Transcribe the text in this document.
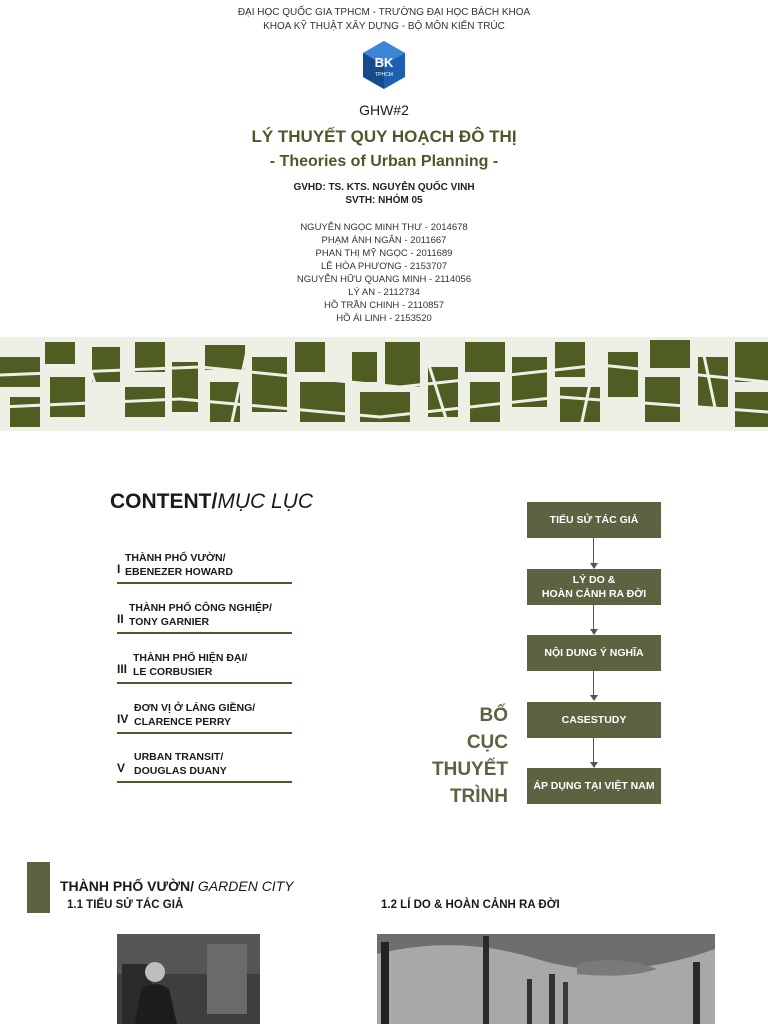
ĐẠI HỌC QUỐC GIA TPHCM - TRƯỜNG ĐẠI HỌC BÁCH KHOA
KHOA KỸ THUẬT XÂY DỰNG - BỘ MÔN KIẾN TRÚC
BK
TPHCM
GHW#2
LÝ THUYẾT QUY HOẠCH ĐÔ THỊ
- Theories of Urban Planning -
GVHD: TS. KTS. NGUYỄN QUỐC VINH
SVTH: NHÓM 05
NGUYỄN NGỌC MINH THƯ - 2014678
PHẠM ÁNH NGÂN - 2011667
PHAN THỊ MỸ NGỌC - 2011689
LÊ HÒA PHƯƠNG - 2153707
NGUYỄN HỮU QUANG MINH - 2114056
LÝ AN - 2112734
HỒ TRẦN CHINH - 2110857
HỒ ÁI LINH - 2153520
CONTENT/MỤC LỤC
I
THÀNH PHỐ VƯỜN/
EBENEZER HOWARD
II
THÀNH PHỐ CÔNG NGHIỆP/
TONY GARNIER
III
THÀNH PHỐ HIỆN ĐẠI/
LE CORBUSIER
IV
ĐƠN VỊ Ở LÁNG GIỀNG/
CLARENCE PERRY
V
URBAN TRANSIT/
DOUGLAS DUANY
BỐ
CỤC
THUYẾT
TRÌNH
TIỂU SỬ TÁC GIẢ
LÝ DO &
HOÀN CẢNH RA ĐỜI
NỘI DUNG Ý NGHĨA
CASESTUDY
ÁP DỤNG TẠI VIỆT NAM
THÀNH PHỐ VƯỜN/ GARDEN CITY
1.1 TIỂU SỬ TÁC GIẢ	1.2 LÍ DO & HOÀN CẢNH RA ĐỜI
